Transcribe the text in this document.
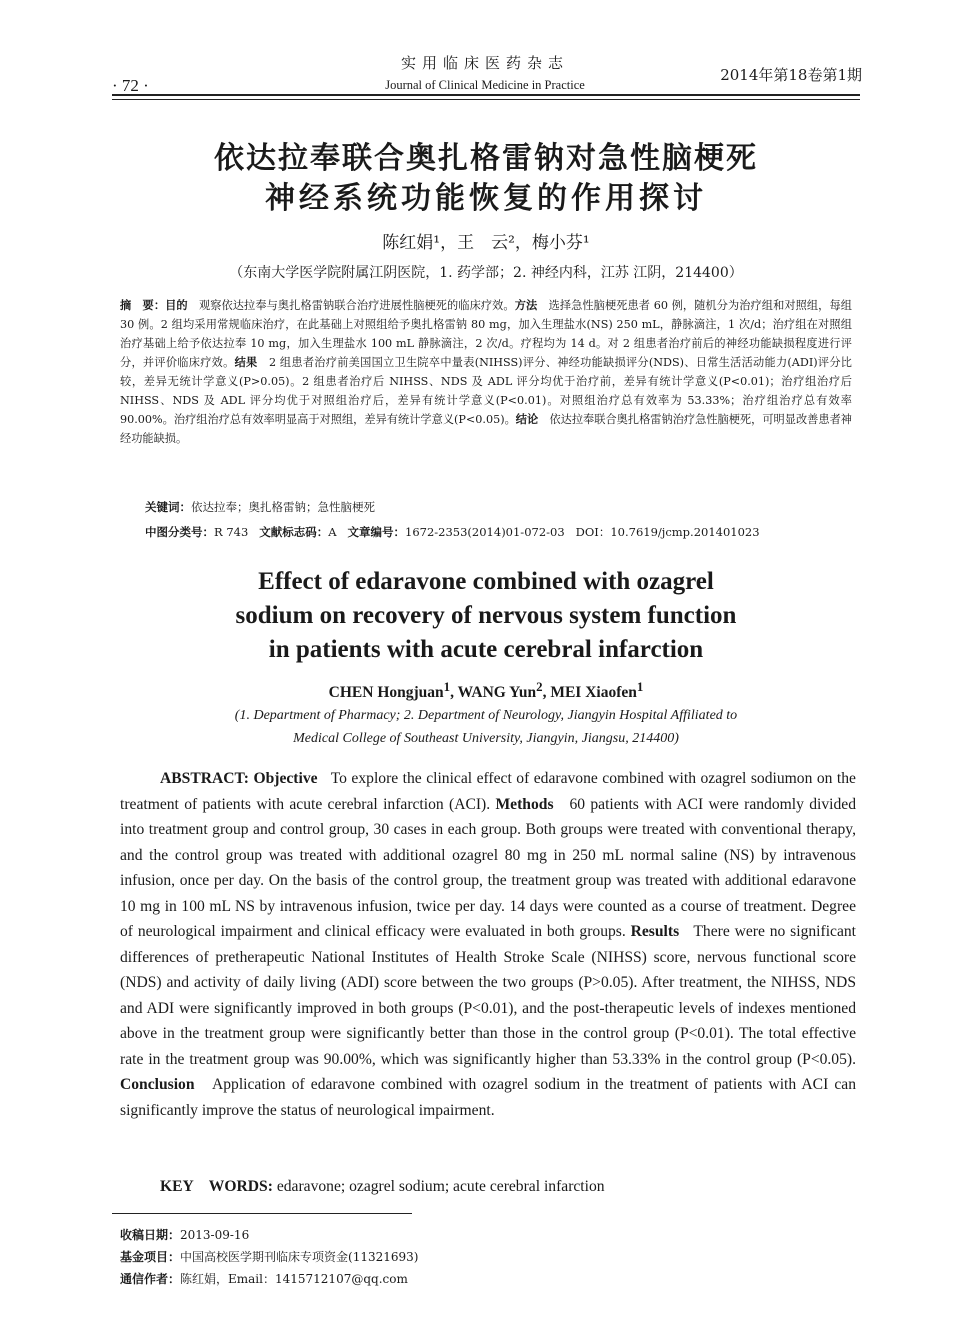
· 72 ·
实用临床医药杂志
Journal of Clinical Medicine in Practice
2014年第18卷第1期
依达拉奉联合奥扎格雷钠对急性脑梗死
神经系统功能恢复的作用探讨
陈红娟¹，王　云²，梅小芬¹
（东南大学医学院附属江阴医院，1. 药学部；2. 神经内科，江苏 江阴，214400）
摘　要：目的　 观察依达拉奉与奥扎格雷钠联合治疗进展性脑梗死的临床疗效。方法　 选择急性脑梗死患者 60 例，随机分为治疗组和对照组，每组 30 例。2 组均采用常规临床治疗，在此基础上对照组给予奥扎格雷钠 80 mg，加入生理盐水(NS) 250 mL，静脉滴注，1 次/d；治疗组在对照组治疗基础上给予依达拉奉 10 mg，加入生理盐水 100 mL 静脉滴注，2 次/d。疗程均为 14 d。对 2 组患者治疗前后的神经功能缺损程度进行评分，并评价临床疗效。结果　 2 组患者治疗前美国国立卫生院卒中量表(NIHSS)评分、神经功能缺损评分(NDS)、日常生活活动能力(ADI)评分比较，差异无统计学意义(P>0.05)。2 组患者治疗后 NIHSS、NDS 及 ADL 评分均优于治疗前，差异有统计学意义(P<0.01)；治疗组治疗后 NIHSS、NDS 及 ADL 评分均优于对照组治疗后，差异有统计学意义(P<0.01)。对照组治疗总有效率为 53.33%；治疗组治疗总有效率 90.00%。治疗组治疗总有效率明显高于对照组，差异有统计学意义(P<0.05)。结论　 依达拉奉联合奥扎格雷钠治疗急性脑梗死，可明显改善患者神经功能缺损。
关键词：依达拉奉；奥扎格雷钠；急性脑梗死
中图分类号：R 743 文献标志码：A 文章编号：1672-2353(2014)01-072-03 DOI：10.7619/jcmp.201401023
Effect of edaravone combined with ozagrel
sodium on recovery of nervous system function
in patients with acute cerebral infarction
CHEN Hongjuan$^1$, WANG Yun$^2$, MEI Xiaofen$^1$
(1. Department of Pharmacy; 2. Department of Neurology, Jiangyin Hospital Affiliated to
Medical College of Southeast University, Jiangyin, Jiangsu, 214400)
ABSTRACT: Objective To explore the clinical effect of edaravone combined with ozagrel sodiumon on the treatment of patients with acute cerebral infarction (ACI). Methods 60 patients with ACI were randomly divided into treatment group and control group, 30 cases in each group. Both groups were treated with conventional therapy, and the control group was treated with additional ozagrel 80 mg in 250 mL normal saline (NS) by intravenous infusion, once per day. On the basis of the control group, the treatment group was treated with additional edaravone 10 mg in 100 mL NS by intravenous infusion, twice per day. 14 days were counted as a course of treatment. Degree of neurological impairment and clinical efficacy were evaluated in both groups. Results There were no significant differences of pretherapeutic National Institutes of Health Stroke Scale (NIHSS) score, nervous functional score (NDS) and activity of daily living (ADI) score between the two groups (P>0.05). After treatment, the NIHSS, NDS and ADI were significantly improved in both groups (P<0.01), and the post-therapeutic levels of indexes mentioned above in the treatment group were significantly better than those in the control group (P<0.01). The total effective rate in the treatment group was 90.00%, which was significantly higher than 53.33% in the control group (P<0.05). Conclusion Application of edaravone combined with ozagrel sodium in the treatment of patients with ACI can significantly improve the status of neurological impairment.
KEY　WORDS: edaravone; ozagrel sodium; acute cerebral infarction
收稿日期：2013-09-16
基金项目：中国高校医学期刊临床专项资金(11321693)
通信作者：陈红娟，Email：1415712107@qq.com
